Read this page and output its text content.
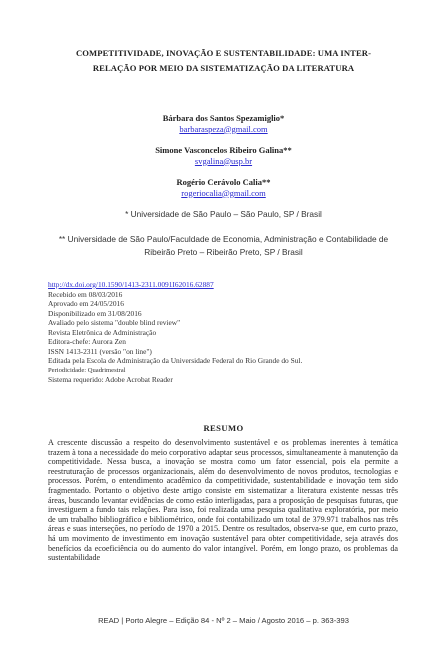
COMPETITIVIDADE, INOVAÇÃO E SUSTENTABILIDADE: UMA INTER-
RELAÇÃO POR MEIO DA SISTEMATIZAÇÃO DA LITERATURA
Bárbara dos Santos Spezamiglio*
barbaraspeza@gmail.com
Simone Vasconcelos Ribeiro Galina**
svgalina@usp.br
Rogério Cerávolo Calia**
rogeriocalia@gmail.com
* Universidade de São Paulo – São Paulo, SP / Brasil
** Universidade de São Paulo/Faculdade de Economia, Administração e Contabilidade de
Ribeirão Preto – Ribeirão Preto, SP / Brasil
http://dx.doi.org/10.1590/1413-2311.0091I62016.62887
Recebido em 08/03/2016
Aprovado em 24/05/2016
Disponibilizado em 31/08/2016
Avaliado pelo sistema "double blind review"
Revista Eletrônica de Administração
Editora-chefe: Aurora Zen
ISSN 1413-2311 (versão "on line")
Editada pela Escola de Administração da Universidade Federal do Rio Grande do Sul.
Periodicidade: Quadrimestral
Sistema requerido: Adobe Acrobat Reader
RESUMO
A crescente discussão a respeito do desenvolvimento sustentável e os problemas inerentes à temática trazem à tona a necessidade do meio corporativo adaptar seus processos, simultaneamente à manutenção da competitividade. Nessa busca, a inovação se mostra como um fator essencial, pois ela permite a reestruturação de processos organizacionais, além do desenvolvimento de novos produtos, tecnologias e processos. Porém, o entendimento acadêmico da competitividade, sustentabilidade e inovação tem sido fragmentado. Portanto o objetivo deste artigo consiste em sistematizar a literatura existente nessas três áreas, buscando levantar evidências de como estão interligadas, para a proposição de pesquisas futuras, que investiguem a fundo tais relações. Para isso, foi realizada uma pesquisa qualitativa exploratória, por meio de um trabalho bibliográfico e bibliométrico, onde foi contabilizado um total de 379.971 trabalhos nas três áreas e suas interseções, no período de 1970 a 2015. Dentre os resultados, observa-se que, em curto prazo, há um movimento de investimento em inovação sustentável para obter competitividade, seja através dos benefícios da ecoeficiência ou do aumento do valor intangível. Porém, em longo prazo, os problemas da sustentabilidade
READ | Porto Alegre – Edição 84 - Nº 2 – Maio / Agosto 2016 – p. 363-393
